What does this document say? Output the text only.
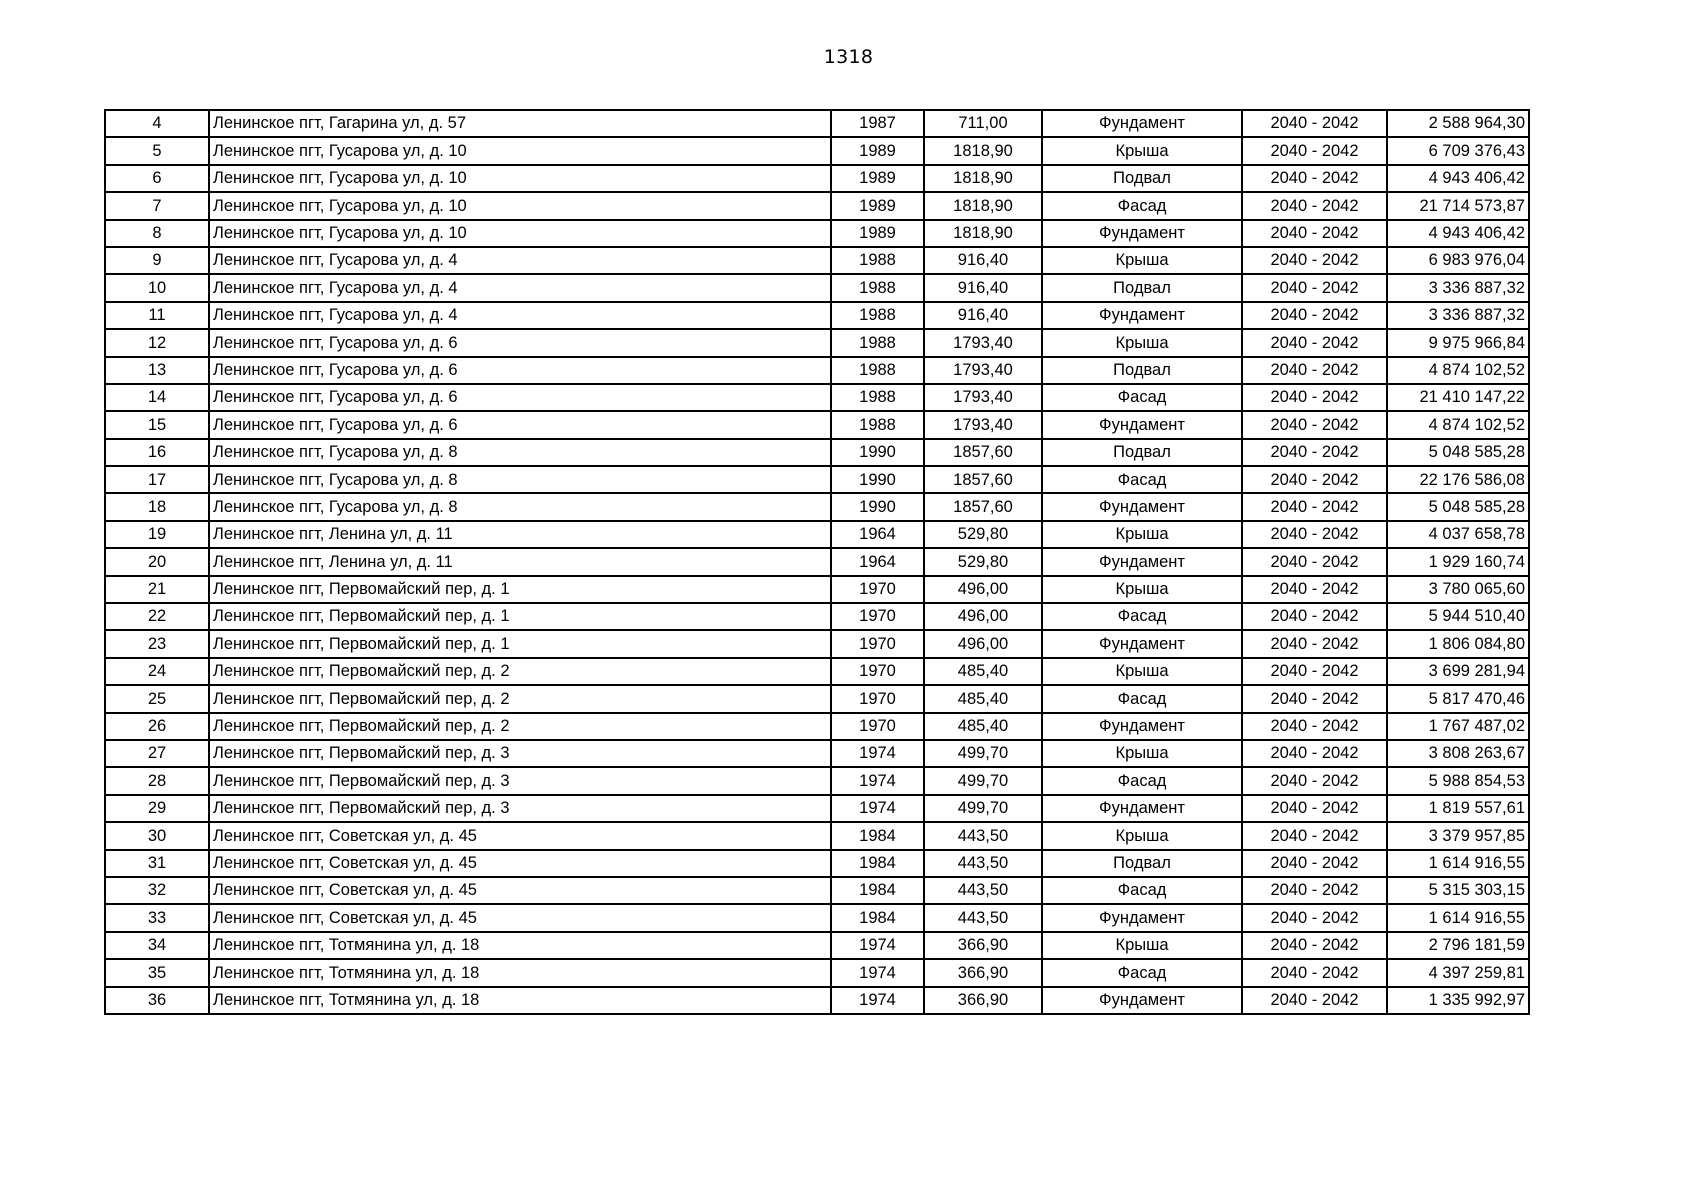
1318
4	Ленинское пгт, Гагарина ул, д. 57	1987	711,00	Фундамент	2040 - 2042	2 588 964,30
5	Ленинское пгт, Гусарова ул, д. 10	1989	1818,90	Крыша	2040 - 2042	6 709 376,43
6	Ленинское пгт, Гусарова ул, д. 10	1989	1818,90	Подвал	2040 - 2042	4 943 406,42
7	Ленинское пгт, Гусарова ул, д. 10	1989	1818,90	Фасад	2040 - 2042	21 714 573,87
8	Ленинское пгт, Гусарова ул, д. 10	1989	1818,90	Фундамент	2040 - 2042	4 943 406,42
9	Ленинское пгт, Гусарова ул, д. 4	1988	916,40	Крыша	2040 - 2042	6 983 976,04
10	Ленинское пгт, Гусарова ул, д. 4	1988	916,40	Подвал	2040 - 2042	3 336 887,32
11	Ленинское пгт, Гусарова ул, д. 4	1988	916,40	Фундамент	2040 - 2042	3 336 887,32
12	Ленинское пгт, Гусарова ул, д. 6	1988	1793,40	Крыша	2040 - 2042	9 975 966,84
13	Ленинское пгт, Гусарова ул, д. 6	1988	1793,40	Подвал	2040 - 2042	4 874 102,52
14	Ленинское пгт, Гусарова ул, д. 6	1988	1793,40	Фасад	2040 - 2042	21 410 147,22
15	Ленинское пгт, Гусарова ул, д. 6	1988	1793,40	Фундамент	2040 - 2042	4 874 102,52
16	Ленинское пгт, Гусарова ул, д. 8	1990	1857,60	Подвал	2040 - 2042	5 048 585,28
17	Ленинское пгт, Гусарова ул, д. 8	1990	1857,60	Фасад	2040 - 2042	22 176 586,08
18	Ленинское пгт, Гусарова ул, д. 8	1990	1857,60	Фундамент	2040 - 2042	5 048 585,28
19	Ленинское пгт, Ленина ул, д. 11	1964	529,80	Крыша	2040 - 2042	4 037 658,78
20	Ленинское пгт, Ленина ул, д. 11	1964	529,80	Фундамент	2040 - 2042	1 929 160,74
21	Ленинское пгт, Первомайский пер, д. 1	1970	496,00	Крыша	2040 - 2042	3 780 065,60
22	Ленинское пгт, Первомайский пер, д. 1	1970	496,00	Фасад	2040 - 2042	5 944 510,40
23	Ленинское пгт, Первомайский пер, д. 1	1970	496,00	Фундамент	2040 - 2042	1 806 084,80
24	Ленинское пгт, Первомайский пер, д. 2	1970	485,40	Крыша	2040 - 2042	3 699 281,94
25	Ленинское пгт, Первомайский пер, д. 2	1970	485,40	Фасад	2040 - 2042	5 817 470,46
26	Ленинское пгт, Первомайский пер, д. 2	1970	485,40	Фундамент	2040 - 2042	1 767 487,02
27	Ленинское пгт, Первомайский пер, д. 3	1974	499,70	Крыша	2040 - 2042	3 808 263,67
28	Ленинское пгт, Первомайский пер, д. 3	1974	499,70	Фасад	2040 - 2042	5 988 854,53
29	Ленинское пгт, Первомайский пер, д. 3	1974	499,70	Фундамент	2040 - 2042	1 819 557,61
30	Ленинское пгт, Советская ул, д. 45	1984	443,50	Крыша	2040 - 2042	3 379 957,85
31	Ленинское пгт, Советская ул, д. 45	1984	443,50	Подвал	2040 - 2042	1 614 916,55
32	Ленинское пгт, Советская ул, д. 45	1984	443,50	Фасад	2040 - 2042	5 315 303,15
33	Ленинское пгт, Советская ул, д. 45	1984	443,50	Фундамент	2040 - 2042	1 614 916,55
34	Ленинское пгт, Тотмянина ул, д. 18	1974	366,90	Крыша	2040 - 2042	2 796 181,59
35	Ленинское пгт, Тотмянина ул, д. 18	1974	366,90	Фасад	2040 - 2042	4 397 259,81
36	Ленинское пгт, Тотмянина ул, д. 18	1974	366,90	Фундамент	2040 - 2042	1 335 992,97
